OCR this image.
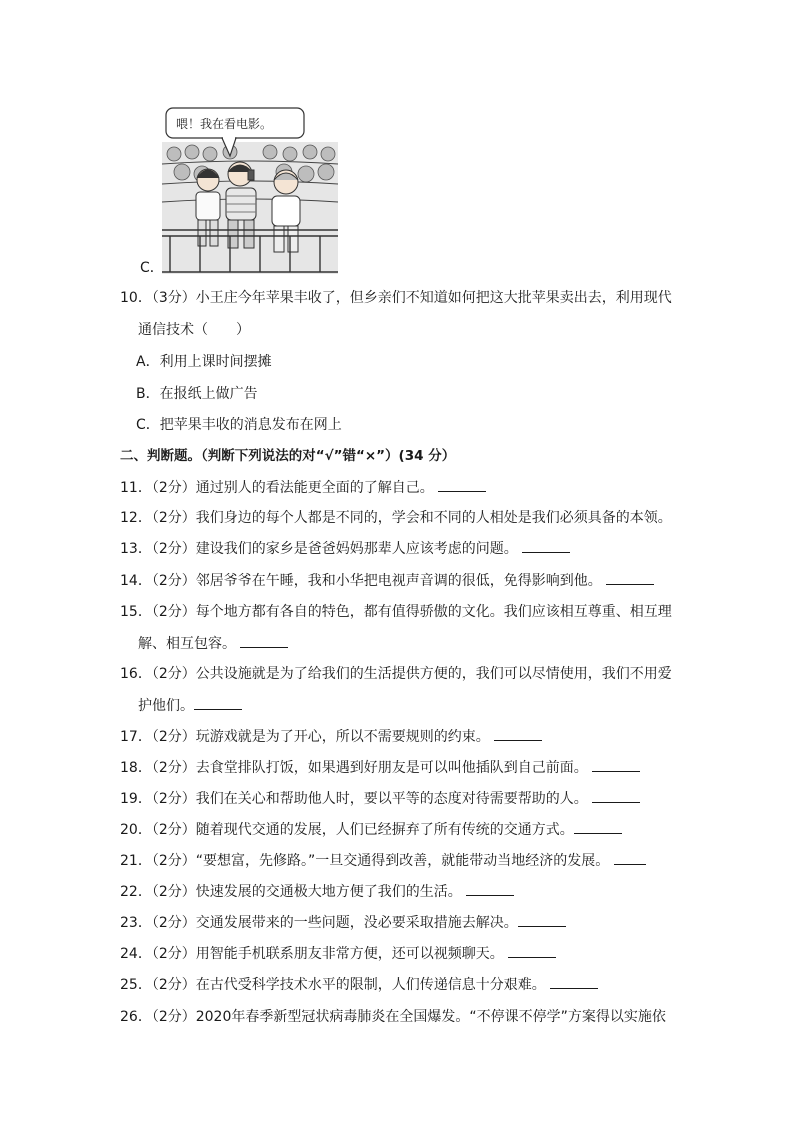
喂！我在看电影。
C．
10．（3分）小王庄今年苹果丰收了，但乡亲们不知道如何把这大批苹果卖出去，利用现代
通信技术（　　）
A．利用上课时间摆摊
B．在报纸上做广告
C．把苹果丰收的消息发布在网上
二、判断题。（判断下列说法的对“√”错“×”）(34 分）
11．（2分）通过别人的看法能更全面的了解自己。
12．（2分）我们身边的每个人都是不同的，学会和不同的人相处是我们必须具备的本领。
13．（2分）建设我们的家乡是爸爸妈妈那辈人应该考虑的问题。
14．（2分）邻居爷爷在午睡，我和小华把电视声音调的很低，免得影响到他。
15．（2分）每个地方都有各自的特色，都有值得骄傲的文化。我们应该相互尊重、相互理
解、相互包容。
16．（2分）公共设施就是为了给我们的生活提供方便的，我们可以尽情使用，我们不用爱
护他们。
17．（2分）玩游戏就是为了开心，所以不需要规则的约束。
18．（2分）去食堂排队打饭，如果遇到好朋友是可以叫他插队到自己前面。
19．（2分）我们在关心和帮助他人时，要以平等的态度对待需要帮助的人。
20．（2分）随着现代交通的发展，人们已经摒弃了所有传统的交通方式。
21．（2分）“要想富，先修路。”一旦交通得到改善，就能带动当地经济的发展。
22．（2分）快速发展的交通极大地方便了我们的生活。
23．（2分）交通发展带来的一些问题，没必要采取措施去解决。
24．（2分）用智能手机联系朋友非常方便，还可以视频聊天。
25．（2分）在古代受科学技术水平的限制，人们传递信息十分艰难。
26．（2分）2020年春季新型冠状病毒肺炎在全国爆发。“不停课不停学”方案得以实施依
